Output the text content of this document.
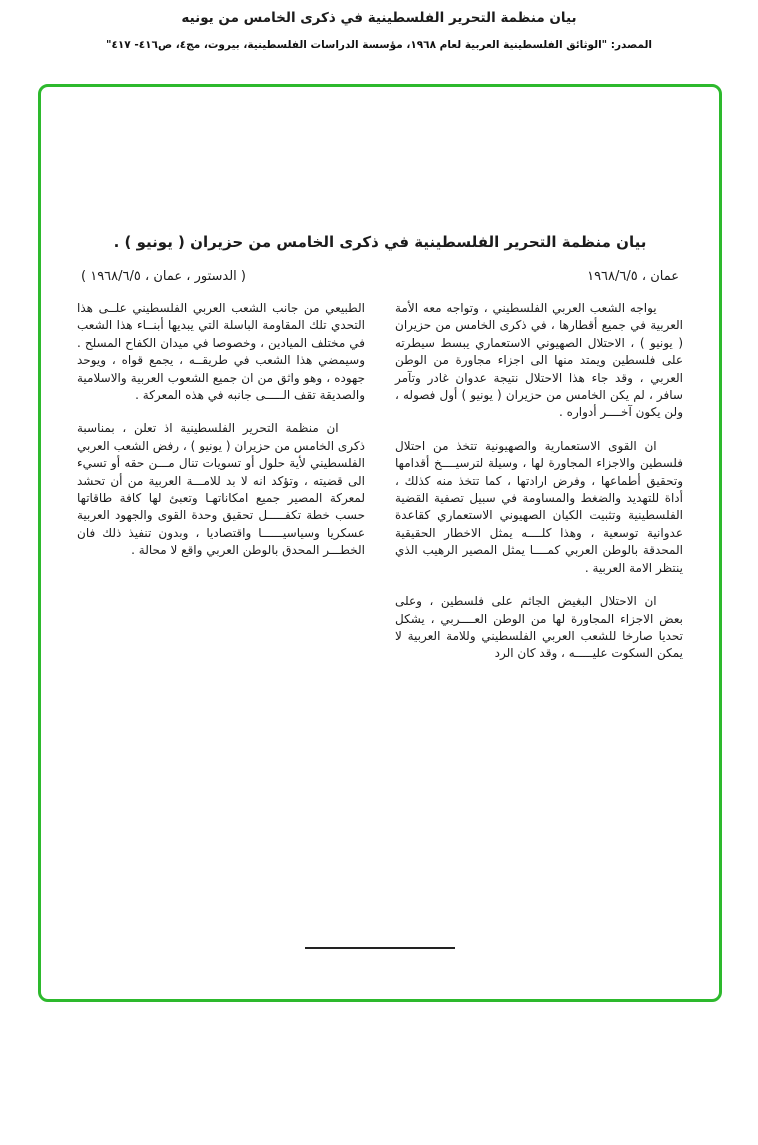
بيان منظمة التحرير الفلسطينية في ذكرى الخامس من يونيه
المصدر: "الوثائق الفلسطينية العربية لعام ١٩٦٨، مؤسسة الدراسات الفلسطينية، بيروت، مج٤، ص٤١٦- ٤١٧"
بيان منظمة التحرير الفلسطينية في ذكرى الخامس من حزيران ( يونيو ) .
عمان ، ١٩٦٨/٦/٥
( الدستور ، عمان ، ١٩٦٨/٦/٥ )

يواجه الشعب العربي الفلسطيني ، وتواجه معه الأمة العربية في جميع أقطارها ، في ذكرى الخامس من حزيران ( يونيو ) ، الاحتلال الصهيوني الاستعماري يبسط سيطرته على فلسطين ويمتد منها الى اجزاء مجاورة من الوطن العربي ، وقد جاء هذا الاحتلال نتيجة عدوان غادر وتآمر سافر ، لم يكن الخامس من حزيران ( يونيو ) أول فصوله ، ولن يكون آخــــر أدواره .

ان القوى الاستعمارية والصهيونية تتخذ من احتلال فلسطين والاجزاء المجاورة لها ، وسيلة لترسيــــخ أقدامها وتحقيق أطماعها ، وفرض ارادتها ، كما تتخذ منه كذلك ، أداة للتهديد والضغط والمساومة في سبيل تصفية القضية الفلسطينية وتثبيت الكيان الصهيوني الاستعماري كقاعدة عدوانية توسعية ، وهذا كلــــه يمثل الاخطار الحقيقية المحدقة بالوطن العربي كمــــا يمثل المصير الرهيب الذي ينتظر الامة العربية .

ان الاحتلال البغيض الجاثم على فلسطين ، وعلى بعض الاجزاء المجاورة لها من الوطن العــــربي ، يشكل تحديا صارخا للشعب العربي الفلسطيني وللامة العربية لا يمكن السكوت عليـــــه ، وقد كان الرد

الطبيعي من جانب الشعب العربي الفلسطيني علــى هذا التحدي تلك المقاومة الباسلة التي يبديها أبنــاء هذا الشعب في مختلف الميادين ، وخصوصا في ميدان الكفاح المسلح . وسيمضي هذا الشعب في طريقــه ، يجمع قواه ، ويوحد جهوده ، وهو واثق من ان جميع الشعوب العربية والاسلامية والصديقة تقف الـــــى جانبه في هذه المعركة .

ان منظمة التحرير الفلسطينية اذ تعلن ، بمناسبة ذكرى الخامس من حزيران ( يونيو ) ، رفض الشعب العربي الفلسطيني لأية حلول أو تسويات تنال مـــن حقه أو تسيء الى قضيته ، وتؤكد انه لا بد للامـــة العربية من أن تحشد لمعركة المصير جميع امكاناتهـا وتعبئ لها كافة طاقاتها حسب خطة تكفـــــل تحقيق وحدة القوى والجهود العربية عسكريا وسياسيــــــا واقتصاديا ، وبدون تنفيذ ذلك فان الخطـــر المحدق بالوطن العربي واقع لا محالة .
